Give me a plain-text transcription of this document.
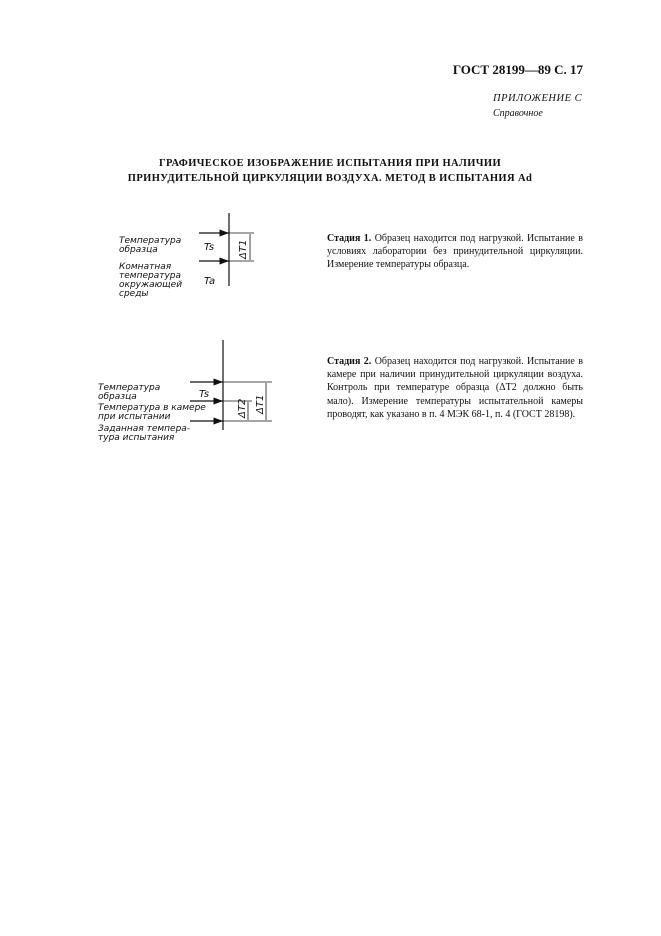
ГОСТ 28199—89 С. 17
ПРИЛОЖЕНИЕ С
Справочное
ГРАФИЧЕСКОЕ ИЗОБРАЖЕНИЕ ИСПЫТАНИЯ ПРИ НАЛИЧИИ
ПРИНУДИТЕЛЬНОЙ ЦИРКУЛЯЦИИ ВОЗДУХА. МЕТОД В ИСПЫТАНИЯ Ad
Температура
образца
Комнатная
температура
окружающей
среды
Ts
Ta
ΔT1
Температура
образца
Температура в камере
при испытании
Заданная темпера-
тура испытания
Ts
ΔT2 ΔT1
Стадия 1. Образец находится под нагрузкой. Испытание в условиях лаборатории без принудительной циркуляции. Измерение температуры образца.
Стадия 2. Образец находится под нагрузкой. Испытание в камере при наличии принудительной циркуляции воздуха. Контроль при температуре образца (ΔT2 должно быть мало). Измерение температуры испытательной камеры проводят, как указано в п. 4 МЭК 68-1, п. 4 (ГОСТ 28198).
